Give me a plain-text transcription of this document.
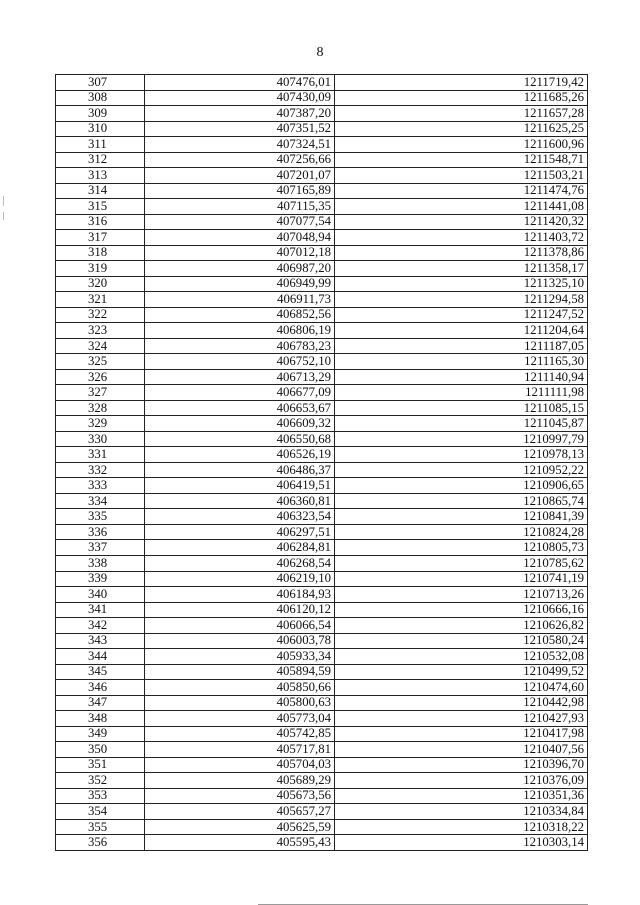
8
307	407476,01	1211719,42
308	407430,09	1211685,26
309	407387,20	1211657,28
310	407351,52	1211625,25
311	407324,51	1211600,96
312	407256,66	1211548,71
313	407201,07	1211503,21
314	407165,89	1211474,76
315	407115,35	1211441,08
316	407077,54	1211420,32
317	407048,94	1211403,72
318	407012,18	1211378,86
319	406987,20	1211358,17
320	406949,99	1211325,10
321	406911,73	1211294,58
322	406852,56	1211247,52
323	406806,19	1211204,64
324	406783,23	1211187,05
325	406752,10	1211165,30
326	406713,29	1211140,94
327	406677,09	1211111,98
328	406653,67	1211085,15
329	406609,32	1211045,87
330	406550,68	1210997,79
331	406526,19	1210978,13
332	406486,37	1210952,22
333	406419,51	1210906,65
334	406360,81	1210865,74
335	406323,54	1210841,39
336	406297,51	1210824,28
337	406284,81	1210805,73
338	406268,54	1210785,62
339	406219,10	1210741,19
340	406184,93	1210713,26
341	406120,12	1210666,16
342	406066,54	1210626,82
343	406003,78	1210580,24
344	405933,34	1210532,08
345	405894,59	1210499,52
346	405850,66	1210474,60
347	405800,63	1210442,98
348	405773,04	1210427,93
349	405742,85	1210417,98
350	405717,81	1210407,56
351	405704,03	1210396,70
352	405689,29	1210376,09
353	405673,56	1210351,36
354	405657,27	1210334,84
355	405625,59	1210318,22
356	405595,43	1210303,14
